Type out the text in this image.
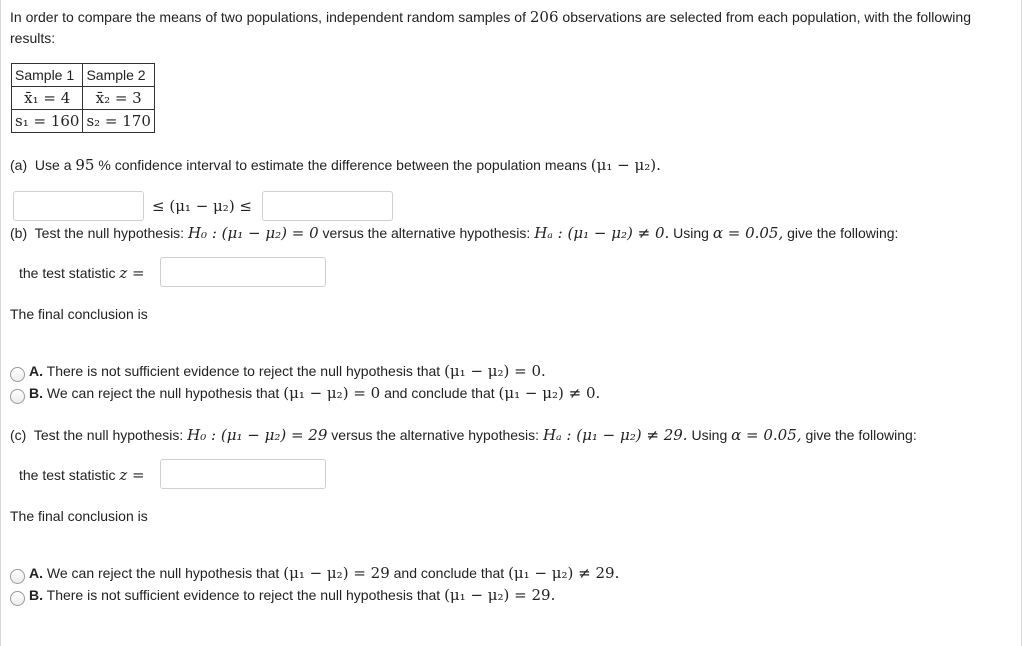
In order to compare the means of two populations, independent random samples of 206 observations are selected from each population, with the following results:
Sample 1	Sample 2
x̄₁ = 4	x̄₂ = 3
s₁ = 160	s₂ = 170
(a) Use a 95 % confidence interval to estimate the difference between the population means (μ₁ − μ₂).
≤ (μ₁ − μ₂) ≤
(b) Test the null hypothesis: H₀ : (μ₁ − μ₂) = 0 versus the alternative hypothesis: Hₐ : (μ₁ − μ₂) ≠ 0. Using α = 0.05, give the following:
the test statistic z =
The final conclusion is
A. There is not sufficient evidence to reject the null hypothesis that (μ₁ − μ₂) = 0.
B. We can reject the null hypothesis that (μ₁ − μ₂) = 0 and conclude that (μ₁ − μ₂) ≠ 0.
(c) Test the null hypothesis: H₀ : (μ₁ − μ₂) = 29 versus the alternative hypothesis: Hₐ : (μ₁ − μ₂) ≠ 29. Using α = 0.05, give the following:
the test statistic z =
The final conclusion is
A. We can reject the null hypothesis that (μ₁ − μ₂) = 29 and conclude that (μ₁ − μ₂) ≠ 29.
B. There is not sufficient evidence to reject the null hypothesis that (μ₁ − μ₂) = 29.
